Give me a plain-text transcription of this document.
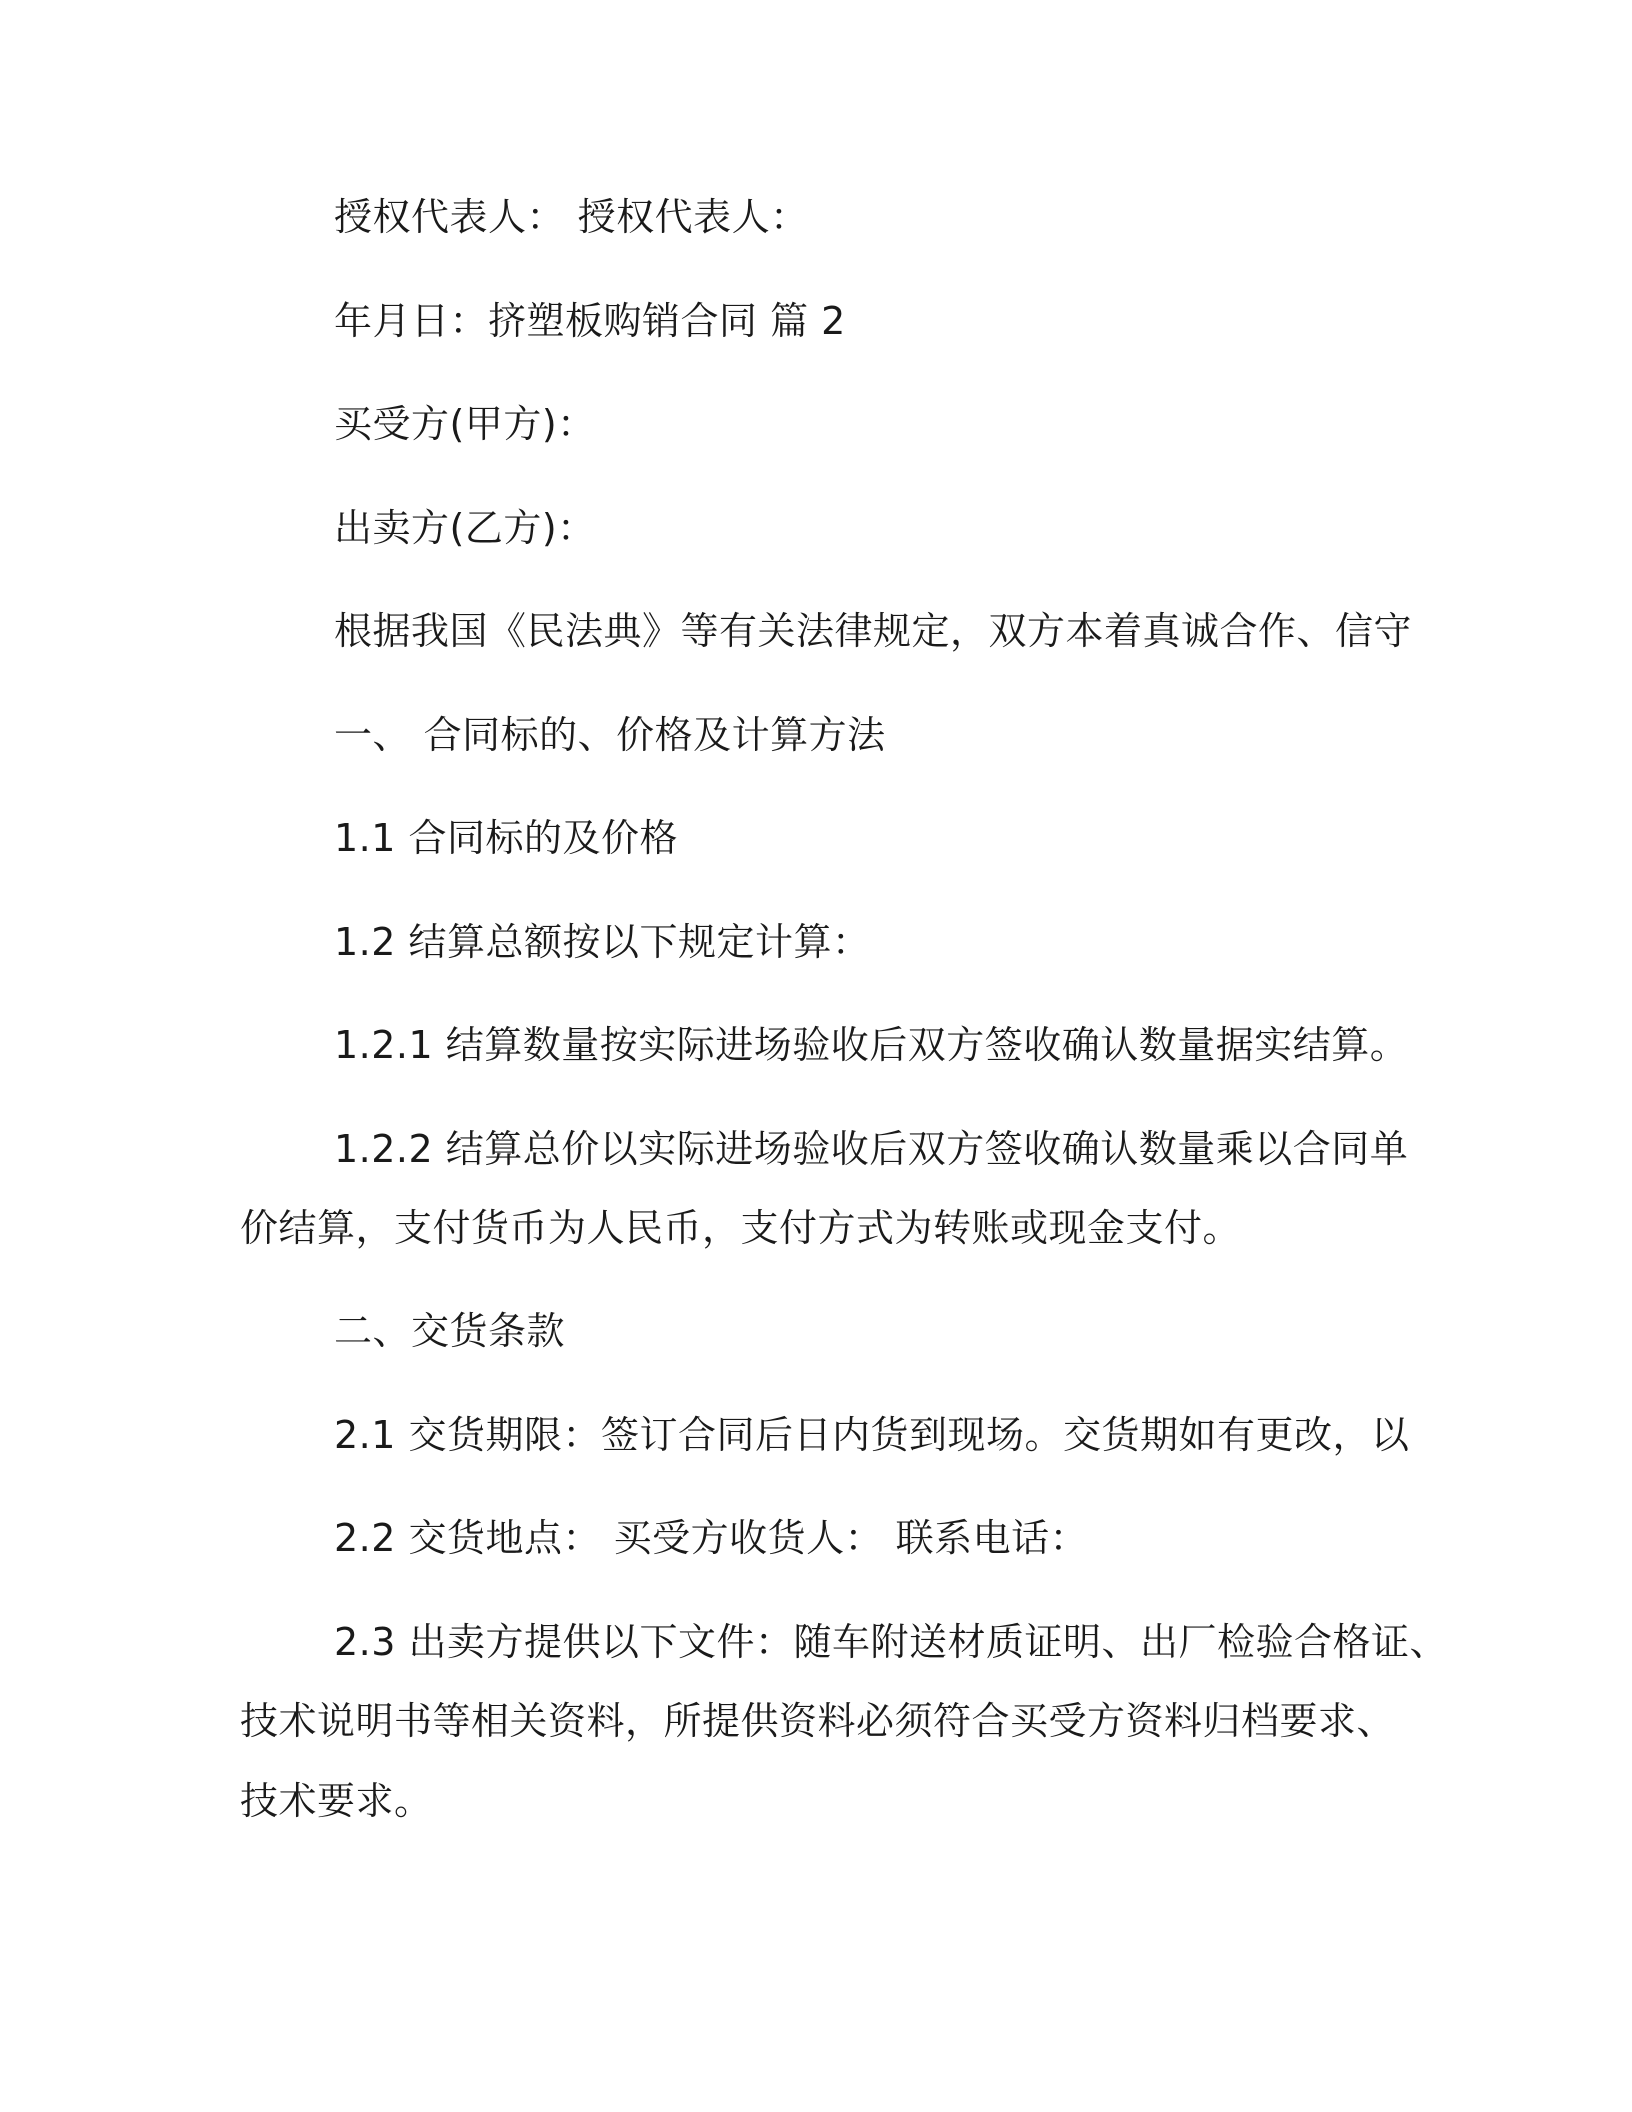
授权代表人： 授权代表人：
年月日：挤塑板购销合同 篇 2
买受方(甲方)：
出卖方(乙方)：
根据我国《民法典》等有关法律规定，双方本着真诚合作、信守
一、 合同标的、价格及计算方法
1.1 合同标的及价格
1.2 结算总额按以下规定计算：
1.2.1 结算数量按实际进场验收后双方签收确认数量据实结算。
1.2.2 结算总价以实际进场验收后双方签收确认数量乘以合同单
价结算，支付货币为人民币，支付方式为转账或现金支付。
二、交货条款
2.1 交货期限：签订合同后日内货到现场。交货期如有更改，以
2.2 交货地点： 买受方收货人： 联系电话：
2.3 出卖方提供以下文件：随车附送材质证明、出厂检验合格证、
技术说明书等相关资料，所提供资料必须符合买受方资料归档要求、
技术要求。
